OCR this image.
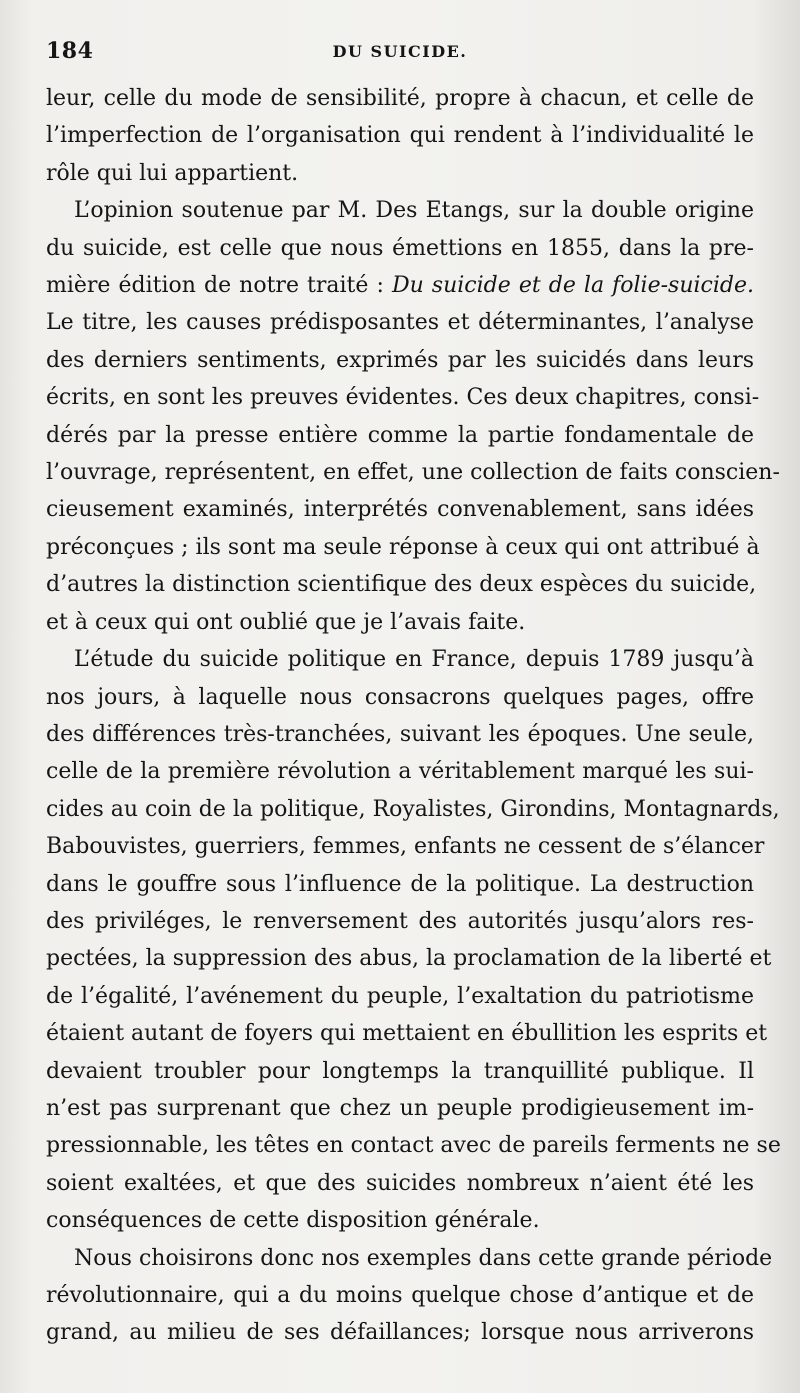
184	DU SUICIDE.

leur, celle du mode de sensibilité, propre à chacun, et celle de
l’imperfection de l’organisation qui rendent à l’individualité le
rôle qui lui appartient.

L’opinion soutenue par M. Des Etangs, sur la double origine
du suicide, est celle que nous émettions en 1855, dans la pre-
mière édition de notre traité : Du suicide et de la folie-suicide.
Le titre, les causes prédisposantes et déterminantes, l’analyse
des derniers sentiments, exprimés par les suicidés dans leurs
écrits, en sont les preuves évidentes. Ces deux chapitres, consi-
dérés par la presse entière comme la partie fondamentale de
l’ouvrage, représentent, en effet, une collection de faits conscien-
cieusement examinés, interprétés convenablement, sans idées
préconçues ; ils sont ma seule réponse à ceux qui ont attribué à
d’autres la distinction scientifique des deux espèces du suicide,
et à ceux qui ont oublié que je l’avais faite.

L’étude du suicide politique en France, depuis 1789 jusqu’à
nos jours, à laquelle nous consacrons quelques pages, offre
des différences très-tranchées, suivant les époques. Une seule,
celle de la première révolution a véritablement marqué les sui-
cides au coin de la politique, Royalistes, Girondins, Montagnards,
Babouvistes, guerriers, femmes, enfants ne cessent de s’élancer
dans le gouffre sous l’influence de la politique. La destruction
des priviléges, le renversement des autorités jusqu’alors res-
pectées, la suppression des abus, la proclamation de la liberté et
de l’égalité, l’avénement du peuple, l’exaltation du patriotisme
étaient autant de foyers qui mettaient en ébullition les esprits et
devaient troubler pour longtemps la tranquillité publique. Il
n’est pas surprenant que chez un peuple prodigieusement im-
pressionnable, les têtes en contact avec de pareils ferments ne se
soient exaltées, et que des suicides nombreux n’aient été les
conséquences de cette disposition générale.

Nous choisirons donc nos exemples dans cette grande période
révolutionnaire, qui a du moins quelque chose d’antique et de
grand, au milieu de ses défaillances; lorsque nous arriverons
